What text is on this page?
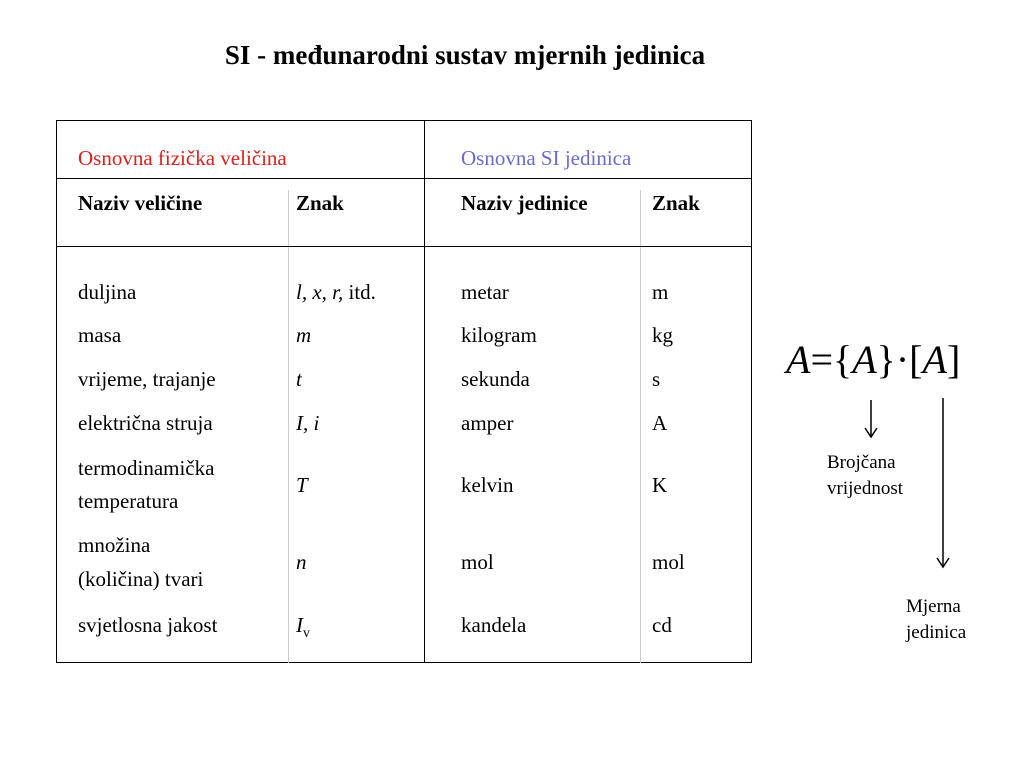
SI - međunarodni sustav mjernih jedinica
Osnovna fizička veličina	Osnovna SI jedinica
Naziv veličine	Znak	Naziv jedinice	Znak
duljina	l, x, r, itd.	metar	m
masa	m	kilogram	kg
vrijeme, trajanje	t	sekunda	s
električna struja	I, i	amper	A
termodinamička
temperatura
T	kelvin	K
množina
(količina) tvari
n	mol	mol
svjetlosna jakost	$I_v$	kandela	cd
A={A}·[A]
Brojčana
vrijednost
Mjerna
jedinica
